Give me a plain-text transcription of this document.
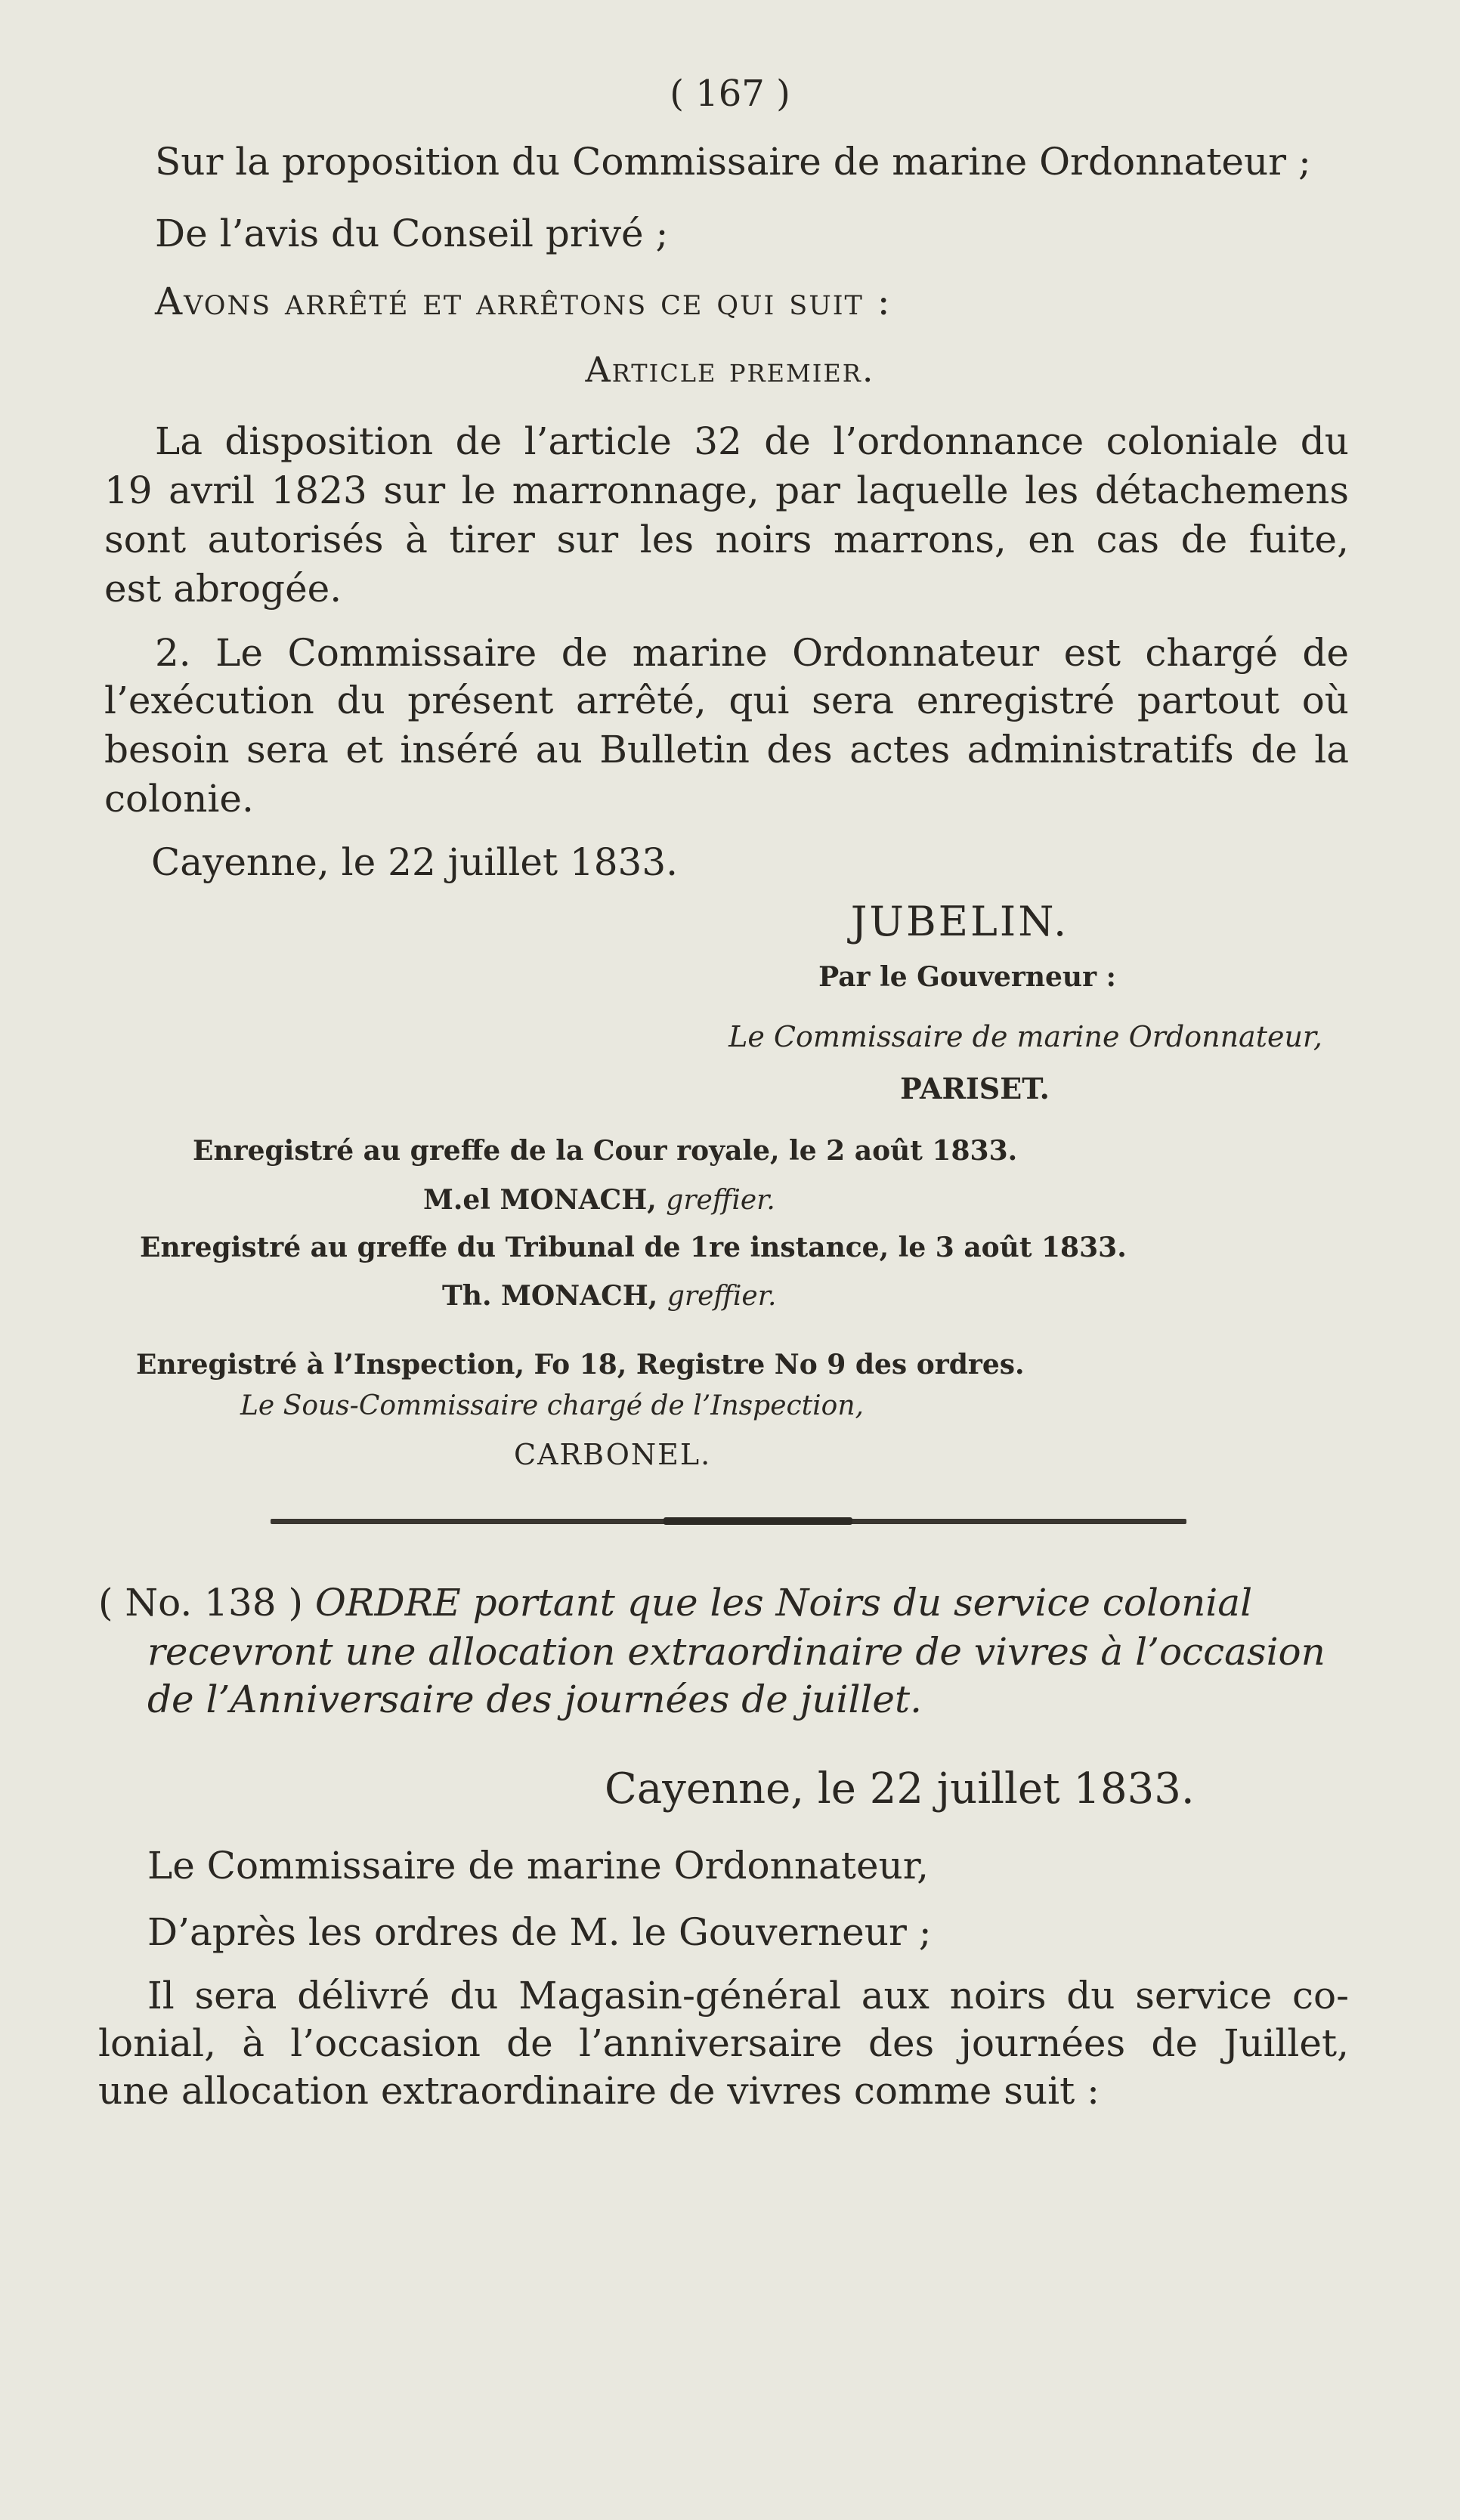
( 167 )
Sur la proposition du Commissaire de marine Ordonnateur ;
De l’avis du Conseil privé ;
Avons arrêté et arrêtons ce qui suit :
Article premier.
La disposition de l’article 32 de l’ordonnance coloniale du
19 avril 1823 sur le marronnage, par laquelle les détachemens
sont autorisés à tirer sur les noirs marrons, en cas de fuite,
est abrogée.
2. Le Commissaire de marine Ordonnateur est chargé de
l’exécution du présent arrêté, qui sera enregistré partout où
besoin sera et inséré au Bulletin des actes administratifs de la
colonie.
Cayenne, le 22 juillet 1833.
JUBELIN.
Par le Gouverneur :
Le Commissaire de marine Ordonnateur,
PARISET.
Enregistré au greffe de la Cour royale, le 2 août 1833.
M.el MONACH, greffier.
Enregistré au greffe du Tribunal de 1re instance, le 3 août 1833.
Th. MONACH, greffier.
Enregistré à l’Inspection, Fo 18, Registre No 9 des ordres.
Le Sous-Commissaire chargé de l’Inspection,
CARBONEL.
( No. 138 ) ORDRE portant que les Noirs du service colonial
recevront une allocation extraordinaire de vivres à l’occasion
de l’Anniversaire des journées de juillet.
Cayenne, le 22 juillet 1833.
Le Commissaire de marine Ordonnateur,
D’après les ordres de M. le Gouverneur ;
Il sera délivré du Magasin-général aux noirs du service co-
lonial, à l’occasion de l’anniversaire des journées de Juillet,
une allocation extraordinaire de vivres comme suit :
